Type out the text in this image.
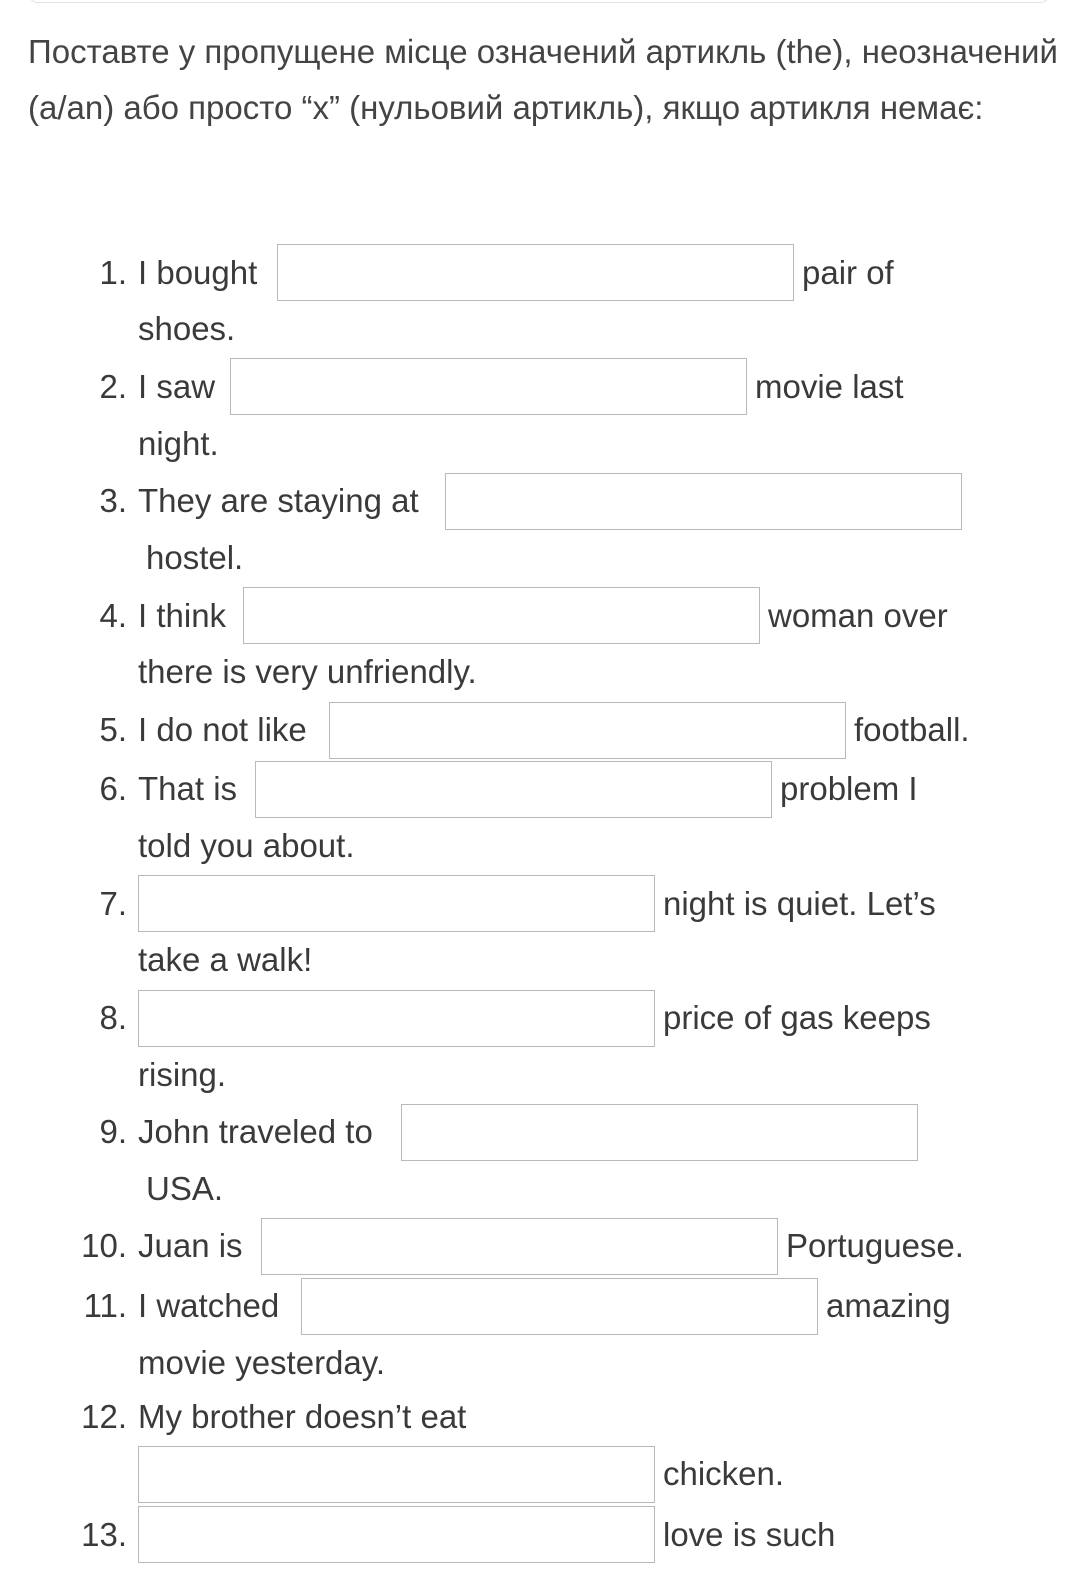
Поставте у пропущене місце означений артикль (the), неозначений (a/an) або просто “x” (нульовий артикль), якщо артикля немає:

1. I bought	pair of
shoes.
2. I saw	movie last
night.
3. They are staying at
hostel.
4. I think	woman over
there is very unfriendly.
5. I do not like	football.
6. That is	problem I
told you about.
7.	night is quiet. Let’s
take a walk!
8.	price of gas keeps
rising.
9. John traveled to
USA.
10. Juan is	Portuguese.
11. I watched	amazing
movie yesterday.
12. My brother doesn’t eat
chicken.
13.	love is such
